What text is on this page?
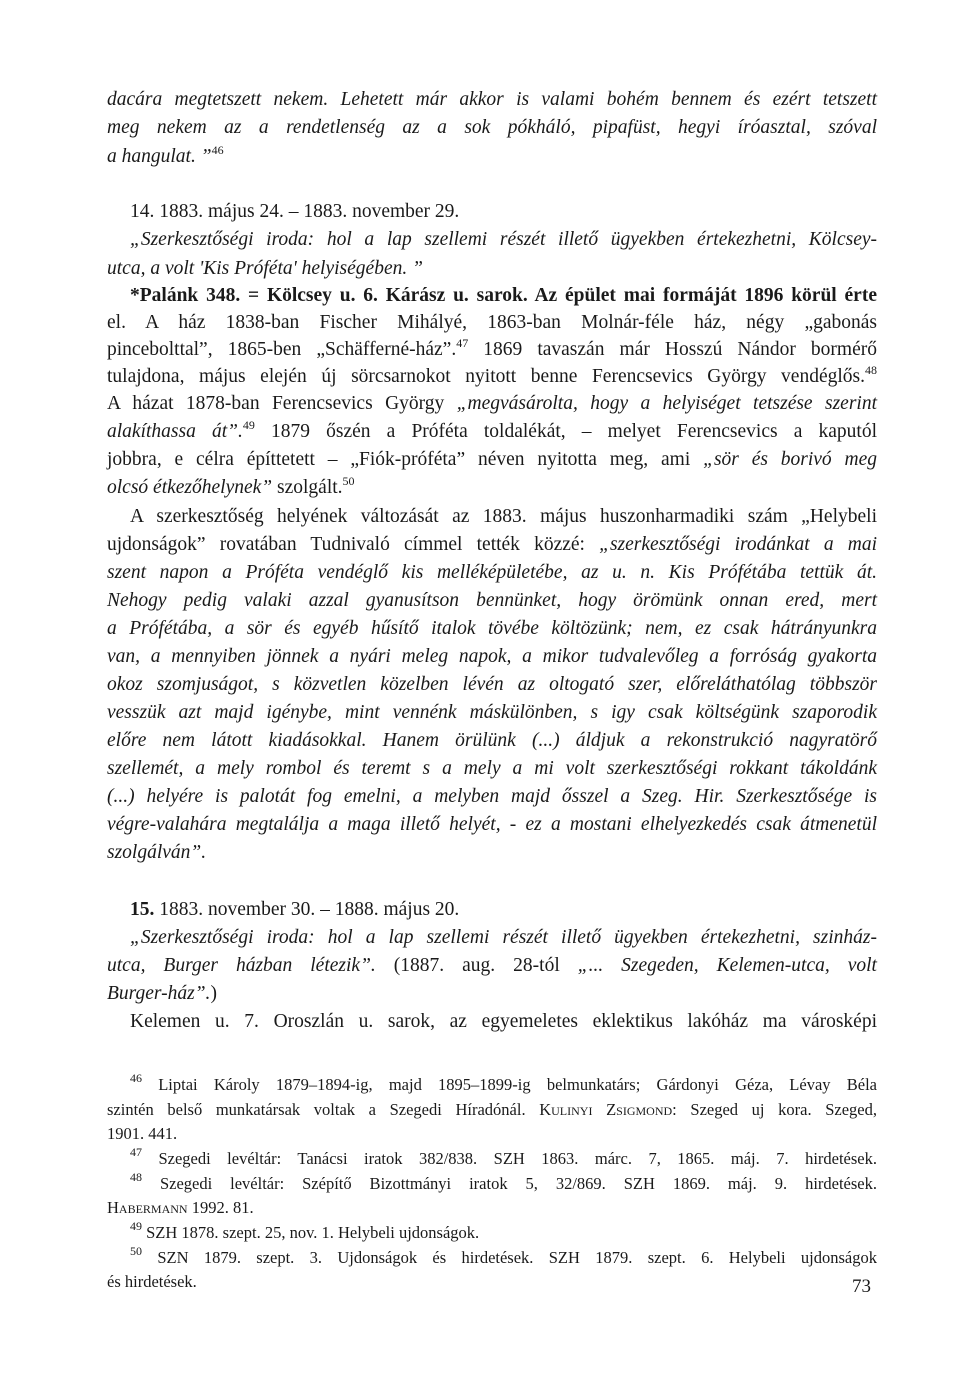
dacára megtetszett nekem. Lehetett már akkor is valami bohém bennem és ezért tetszett
meg nekem az a rendetlenség az a sok pókháló, pipafüst, hegyi íróasztal, szóval
a hangulat. ”$^{46}$
14. 1883. május 24. – 1883. november 29.
„Szerkesztőségi iroda: hol a lap szellemi részét illető ügyekben értekezhetni, Kölcsey-
utca, a volt 'Kis Próféta' helyiségében. ”
*Palánk 348. = Kölcsey u. 6. Kárász u. sarok. Az épület mai formáját 1896 körül érte
el. A ház 1838-ban Fischer Mihályé, 1863-ban Molnár-féle ház, négy „gabonás
pincebolttal”, 1865-ben „Schäfferné-ház”.$^{47}$ 1869 tavaszán már Hosszú Nándor bormérő
tulajdona, május elején új sörcsarnokot nyitott benne Ferencsevics György vendéglős.$^{48}$
A házat 1878-ban Ferencsevics György „megvásárolta, hogy a helyiséget tetszése szerint
alakíthassa át”.$^{49}$ 1879 őszén a Próféta toldalékát, – melyet Ferencsevics a kaputól
jobbra, e célra építtetett – „Fiók-próféta” néven nyitotta meg, ami „sör és borivó meg
olcsó étkezőhelynek” szolgált.$^{50}$
A szerkesztőség helyének változását az 1883. május huszonharmadiki szám „Helybeli
ujdonságok” rovatában Tudnivaló címmel tették közzé: „szerkesztőségi irodánkat a mai
szent napon a Próféta vendéglő kis melléképületébe, az u. n. Kis Prófétába tettük át.
Nehogy pedig valaki azzal gyanusítson bennünket, hogy örömünk onnan ered, mert
a Prófétába, a sör és egyéb hűsítő italok tövébe költözünk; nem, ez csak hátrányunkra
van, a mennyiben jönnek a nyári meleg napok, a mikor tudvalevőleg a forróság gyakorta
okoz szomjuságot, s közvetlen közelben lévén az oltogató szer, előreláthatólag többször
vesszük azt majd igénybe, mint vennénk máskülönben, s igy csak költségünk szaporodik
előre nem látott kiadásokkal. Hanem örülünk (...) áldjuk a rekonstrukció nagyratörő
szellemét, a mely rombol és teremt s a mely a mi volt szerkesztőségi rokkant tákoldánk
(...) helyére is palotát fog emelni, a melyben majd ősszel a Szeg. Hir. Szerkesztősége is
végre-valahára megtalálja a maga illető helyét, - ez a mostani elhelyezkedés csak átmenetül
szolgálván”.
15. 1883. november 30. – 1888. május 20.
„Szerkesztőségi iroda: hol a lap szellemi részét illető ügyekben értekezhetni, szinház-
utca, Burger házban létezik”. (1887. aug. 28-tól „... Szegeden, Kelemen-utca, volt
Burger-ház”.)
Kelemen u. 7. Oroszlán u. sarok, az egyemeletes eklektikus lakóház ma városképi
$^{46}$ Liptai Károly 1879–1894-ig, majd 1895–1899-ig belmunkatárs; Gárdonyi Géza, Lévay Béla
szintén belső munkatársak voltak a Szegedi Híradónál. Kulinyi Zsigmond: Szeged uj kora. Szeged,
1901. 441.
$^{47}$ Szegedi levéltár: Tanácsi iratok 382/838. SZH 1863. márc. 7, 1865. máj. 7. hirdetések.
$^{48}$ Szegedi levéltár: Szépítő Bizottmányi iratok 5, 32/869. SZH 1869. máj. 9. hirdetések.
Habermann 1992. 81.
$^{49}$ SZH 1878. szept. 25, nov. 1. Helybeli ujdonságok.
$^{50}$ SZN 1879. szept. 3. Ujdonságok és hirdetések. SZH 1879. szept. 6. Helybeli ujdonságok
és hirdetések.	73
